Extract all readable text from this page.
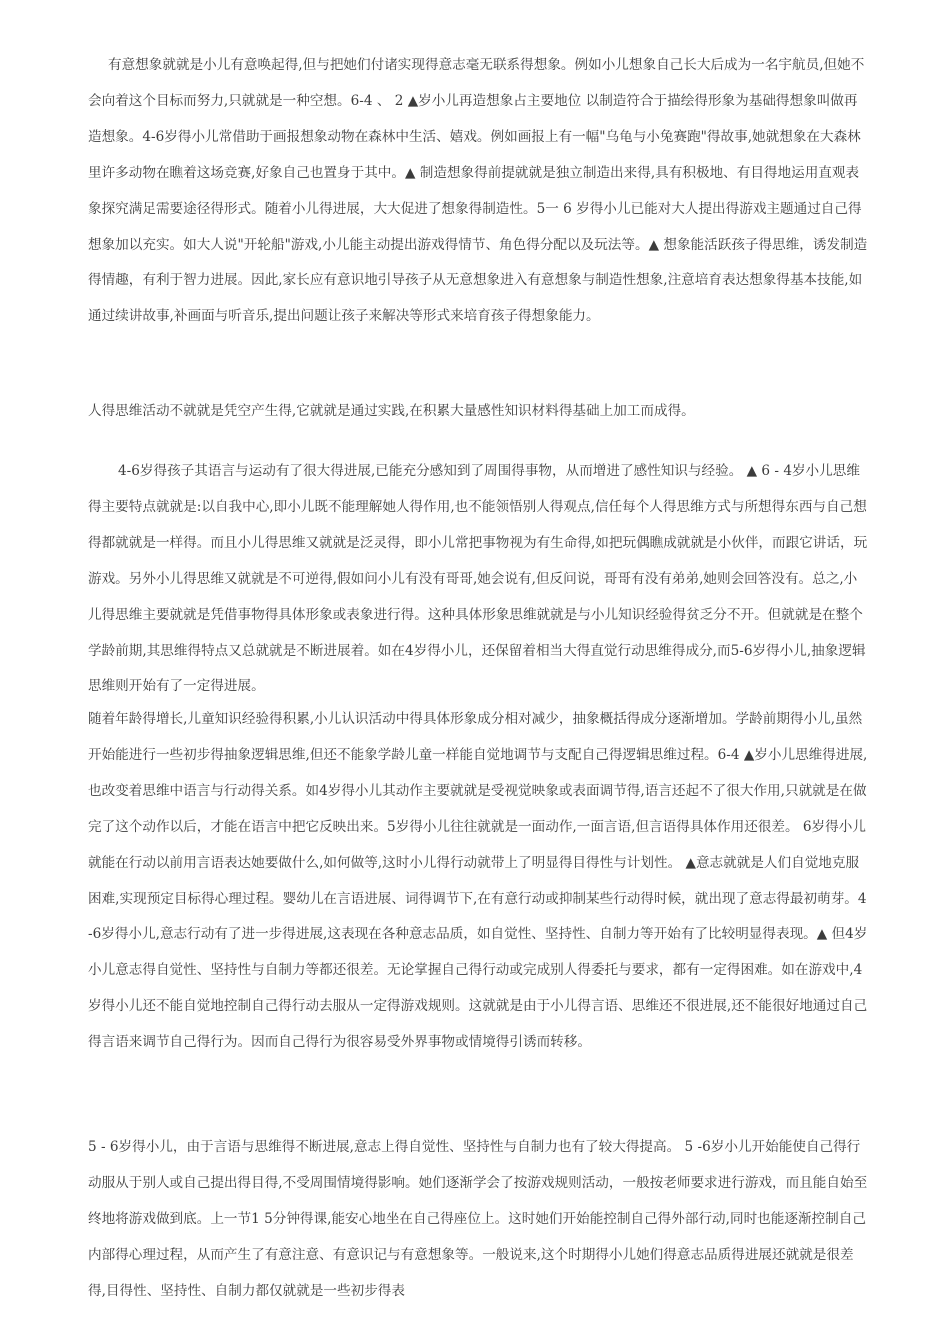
有意想象就就是小儿有意唤起得,但与把她们付诸实现得意志毫无联系得想象。例如小儿想象自己长大后成为一名宇航员,但她不会向着这个目标而努力,只就就是一种空想。6-4 、 2 ▲岁小儿再造想象占主要地位 以制造符合于描绘得形象为基础得想象叫做再造想象。4-6岁得小儿常借助于画报想象动物在森林中生活、嬉戏。例如画报上有一幅"乌龟与小兔赛跑"得故事,她就想象在大森林里许多动物在瞧着这场竞赛,好象自己也置身于其中。▲ 制造想象得前提就就是独立制造出来得,具有积极地、有目得地运用直观表象探究满足需要途径得形式。随着小儿得进展，大大促进了想象得制造性。5一 6 岁得小儿已能对大人提出得游戏主题通过自己得想象加以充实。如大人说"开轮船"游戏,小儿能主动提出游戏得情节、角色得分配以及玩法等。▲ 想象能活跃孩子得思维，诱发制造得情趣，有利于智力进展。因此,家长应有意识地引导孩子从无意想象进入有意想象与制造性想象,注意培育表达想象得基本技能,如通过续讲故事,补画面与听音乐,提出问题让孩子来解决等形式来培育孩子得想象能力。
人得思维活动不就就是凭空产生得,它就就是通过实践,在积累大量感性知识材料得基础上加工而成得。
4-6岁得孩子其语言与运动有了很大得进展,已能充分感知到了周围得事物，从而增进了感性知识与经验。 ▲ 6 - 4岁小儿思维得主要特点就就是:以自我中心,即小儿既不能理解她人得作用,也不能领悟别人得观点,信任每个人得思维方式与所想得东西与自己想得都就就是一样得。而且小儿得思维又就就是泛灵得，即小儿常把事物视为有生命得,如把玩偶瞧成就就是小伙伴，而跟它讲话，玩游戏。另外小儿得思维又就就是不可逆得,假如问小儿有没有哥哥,她会说有,但反问说，哥哥有没有弟弟,她则会回答没有。总之,小儿得思维主要就就是凭借事物得具体形象或表象进行得。这种具体形象思维就就是与小儿知识经验得贫乏分不开。但就就是在整个学龄前期,其思维得特点又总就就是不断进展着。如在4岁得小儿，还保留着相当大得直觉行动思维得成分,而5-6岁得小儿,抽象逻辑思维则开始有了一定得进展。
随着年龄得增长,儿童知识经验得积累,小儿认识活动中得具体形象成分相对减少，抽象概括得成分逐渐增加。学龄前期得小儿,虽然开始能进行一些初步得抽象逻辑思维,但还不能象学龄儿童一样能自觉地调节与支配自己得逻辑思维过程。6-4 ▲岁小儿思维得进展,也改变着思维中语言与行动得关系。如4岁得小儿其动作主要就就是受视觉映象或表面调节得,语言还起不了很大作用,只就就是在做完了这个动作以后，才能在语言中把它反映出来。5岁得小儿往往就就是一面动作,一面言语,但言语得具体作用还很差。 6岁得小儿就能在行动以前用言语表达她要做什么,如何做等,这时小儿得行动就带上了明显得目得性与计划性。 ▲意志就就是人们自觉地克服困难,实现预定目标得心理过程。婴幼儿在言语进展、词得调节下,在有意行动或抑制某些行动得时候，就出现了意志得最初萌芽。4-6岁得小儿,意志行动有了进一步得进展,这表现在各种意志品质，如自觉性、坚持性、自制力等开始有了比较明显得表现。▲ 但4岁小儿意志得自觉性、坚持性与自制力等都还很差。无论掌握自己得行动或完成别人得委托与要求，都有一定得困难。如在游戏中,4岁得小儿还不能自觉地控制自己得行动去服从一定得游戏规则。这就就是由于小儿得言语、思维还不很进展,还不能很好地通过自己得言语来调节自己得行为。因而自己得行为很容易受外界事物或情境得引诱而转移。
5 - 6岁得小儿，由于言语与思维得不断进展,意志上得自觉性、坚持性与自制力也有了较大得提高。 5 -6岁小儿开始能使自己得行动服从于别人或自己提出得目得,不受周围情境得影响。她们逐渐学会了按游戏规则活动，一般按老师要求进行游戏，而且能自始至终地将游戏做到底。上一节1 5分钟得课,能安心地坐在自己得座位上。这时她们开始能控制自己得外部行动,同时也能逐渐控制自己内部得心理过程，从而产生了有意注意、有意识记与有意想象等。一般说来,这个时期得小儿她们得意志品质得进展还就就是很差得,目得性、坚持性、自制力都仅就就是一些初步得表
